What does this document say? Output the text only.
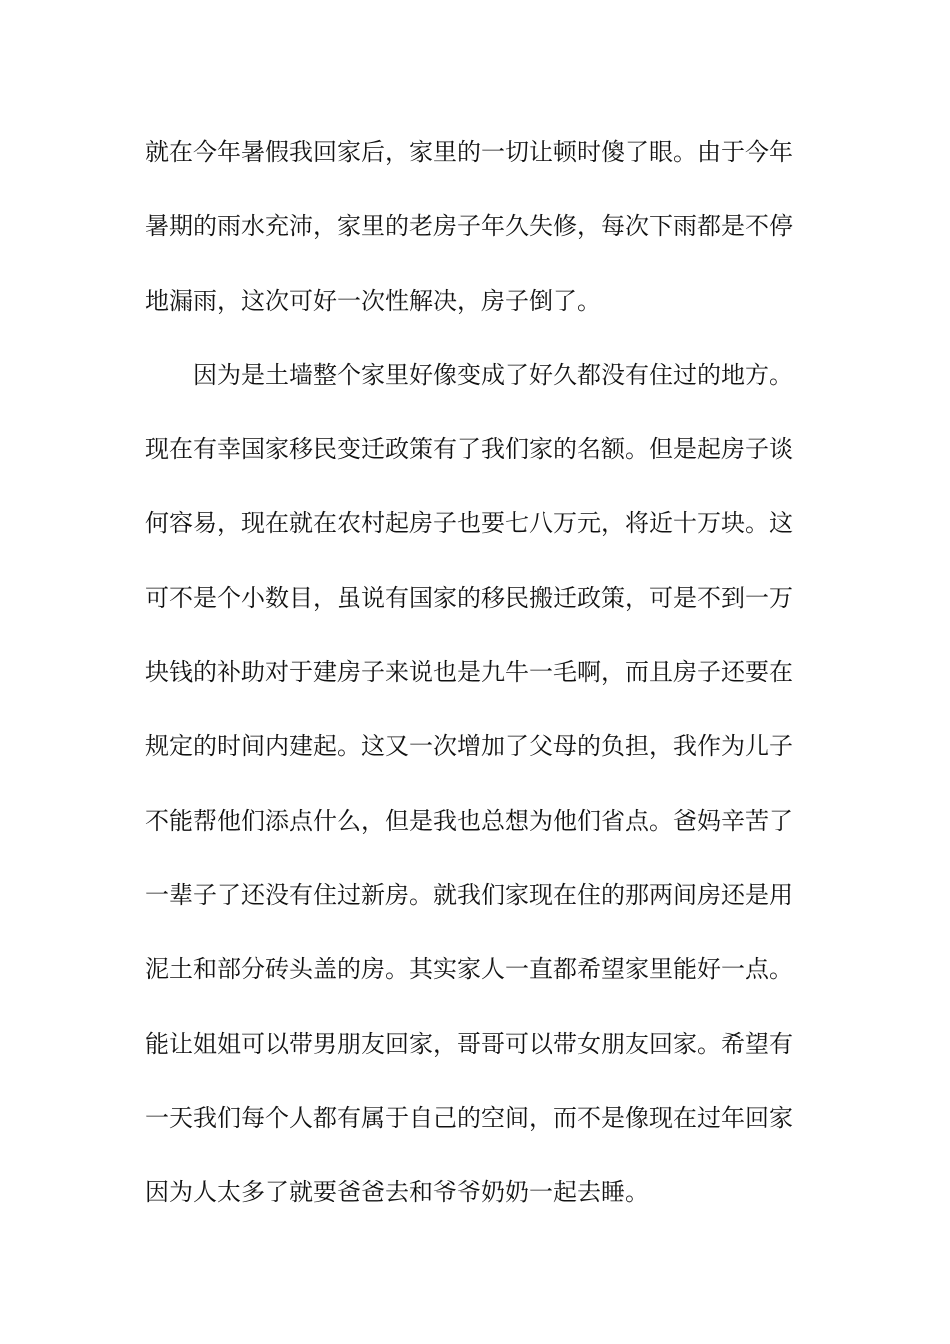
就在今年暑假我回家后，家里的一切让顿时傻了眼。由于今年
暑期的雨水充沛，家里的老房子年久失修，每次下雨都是不停
地漏雨，这次可好一次性解决，房子倒了。
因为是土墙整个家里好像变成了好久都没有住过的地方。
现在有幸国家移民变迁政策有了我们家的名额。但是起房子谈
何容易，现在就在农村起房子也要七八万元，将近十万块。这
可不是个小数目，虽说有国家的移民搬迁政策，可是不到一万
块钱的补助对于建房子来说也是九牛一毛啊，而且房子还要在
规定的时间内建起。这又一次增加了父母的负担，我作为儿子
不能帮他们添点什么，但是我也总想为他们省点。爸妈辛苦了
一辈子了还没有住过新房。就我们家现在住的那两间房还是用
泥土和部分砖头盖的房。其实家人一直都希望家里能好一点。
能让姐姐可以带男朋友回家，哥哥可以带女朋友回家。希望有
一天我们每个人都有属于自己的空间，而不是像现在过年回家
因为人太多了就要爸爸去和爷爷奶奶一起去睡。
